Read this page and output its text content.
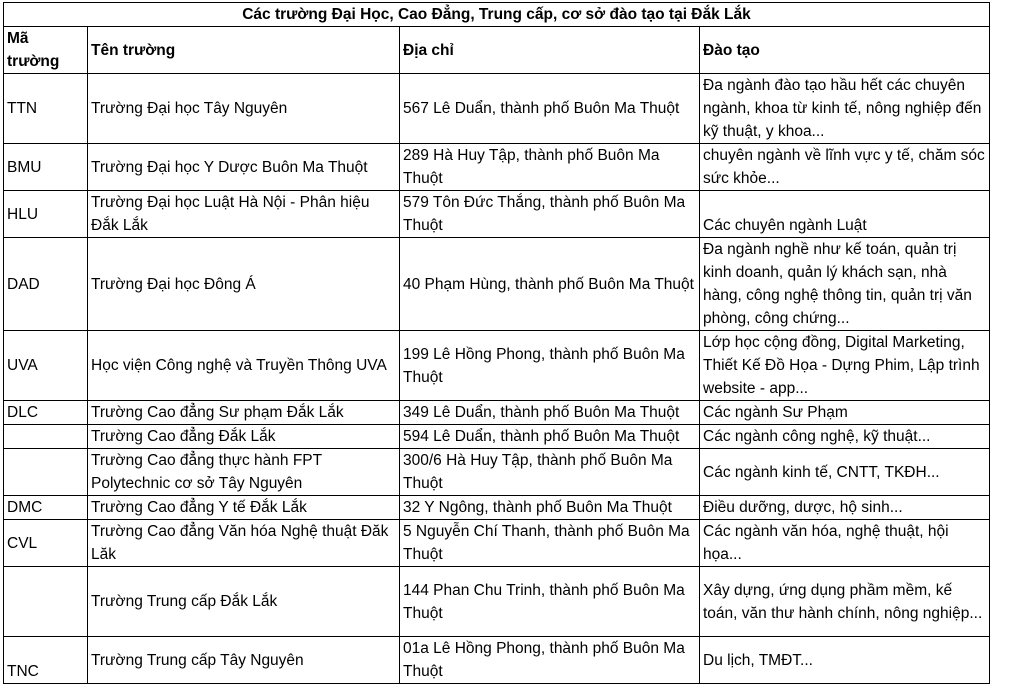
Các trường Đại Học, Cao Đẳng, Trung cấp, cơ sở đào tạo tại Đắk Lắk			
Mã trường	Tên trường	Địa chỉ	Đào tạo
TTN	Trường Đại học Tây Nguyên	567 Lê Duẩn, thành phố Buôn Ma Thuột	Đa ngành đào tạo hầu hết các chuyên ngành, khoa từ kinh tế, nông nghiệp đến kỹ thuật, y khoa...
BMU	Trường Đại học Y Dược Buôn Ma Thuột	289 Hà Huy Tập, thành phố Buôn Ma Thuột	chuyên ngành về lĩnh vực y tế, chăm sóc sức khỏe...
HLU	Trường Đại học Luật Hà Nội - Phân hiệu Đắk Lắk	579 Tôn Đức Thắng, thành phố Buôn Ma Thuột	Các chuyên ngành Luật
DAD	Trường Đại học Đông Á	40 Phạm Hùng, thành phố Buôn Ma Thuột	Đa ngành nghề như kế toán, quản trị kinh doanh, quản lý khách sạn, nhà hàng, công nghệ thông tin, quản trị văn phòng, công chứng...
UVA	Học viện Công nghệ và Truyền Thông UVA	199 Lê Hồng Phong, thành phố Buôn Ma Thuột	Lớp học cộng đồng, Digital Marketing, Thiết Kế Đồ Họa - Dựng Phim, Lập trình website - app...
DLC	Trường Cao đẳng Sư phạm Đắk Lắk	349 Lê Duẩn, thành phố Buôn Ma Thuột	Các ngành Sư Phạm
	Trường Cao đẳng Đắk Lắk	594 Lê Duẩn, thành phố Buôn Ma Thuột	Các ngành công nghệ, kỹ thuật...
	Trường Cao đẳng thực hành FPT Polytechnic cơ sở Tây Nguyên	300/6 Hà Huy Tập, thành phố Buôn Ma Thuột	Các ngành kinh tế, CNTT, TKĐH...
DMC	Trường Cao đẳng Y tế Đắk Lắk	32 Y Ngông, thành phố Buôn Ma Thuột	Điều dưỡng, dược, hộ sinh...
CVL	Trường Cao đẳng Văn hóa Nghệ thuật Đăk Lăk	5 Nguyễn Chí Thanh, thành phố Buôn Ma Thuột	Các ngành văn hóa, nghệ thuật, hội họa...
	Trường Trung cấp Đắk Lắk	144 Phan Chu Trinh, thành phố Buôn Ma Thuột	Xây dựng, ứng dụng phầm mềm, kế toán, văn thư hành chính, nông nghiệp...
TNC	Trường Trung cấp Tây Nguyên	01a Lê Hồng Phong, thành phố Buôn Ma Thuột	Du lịch, TMĐT...
